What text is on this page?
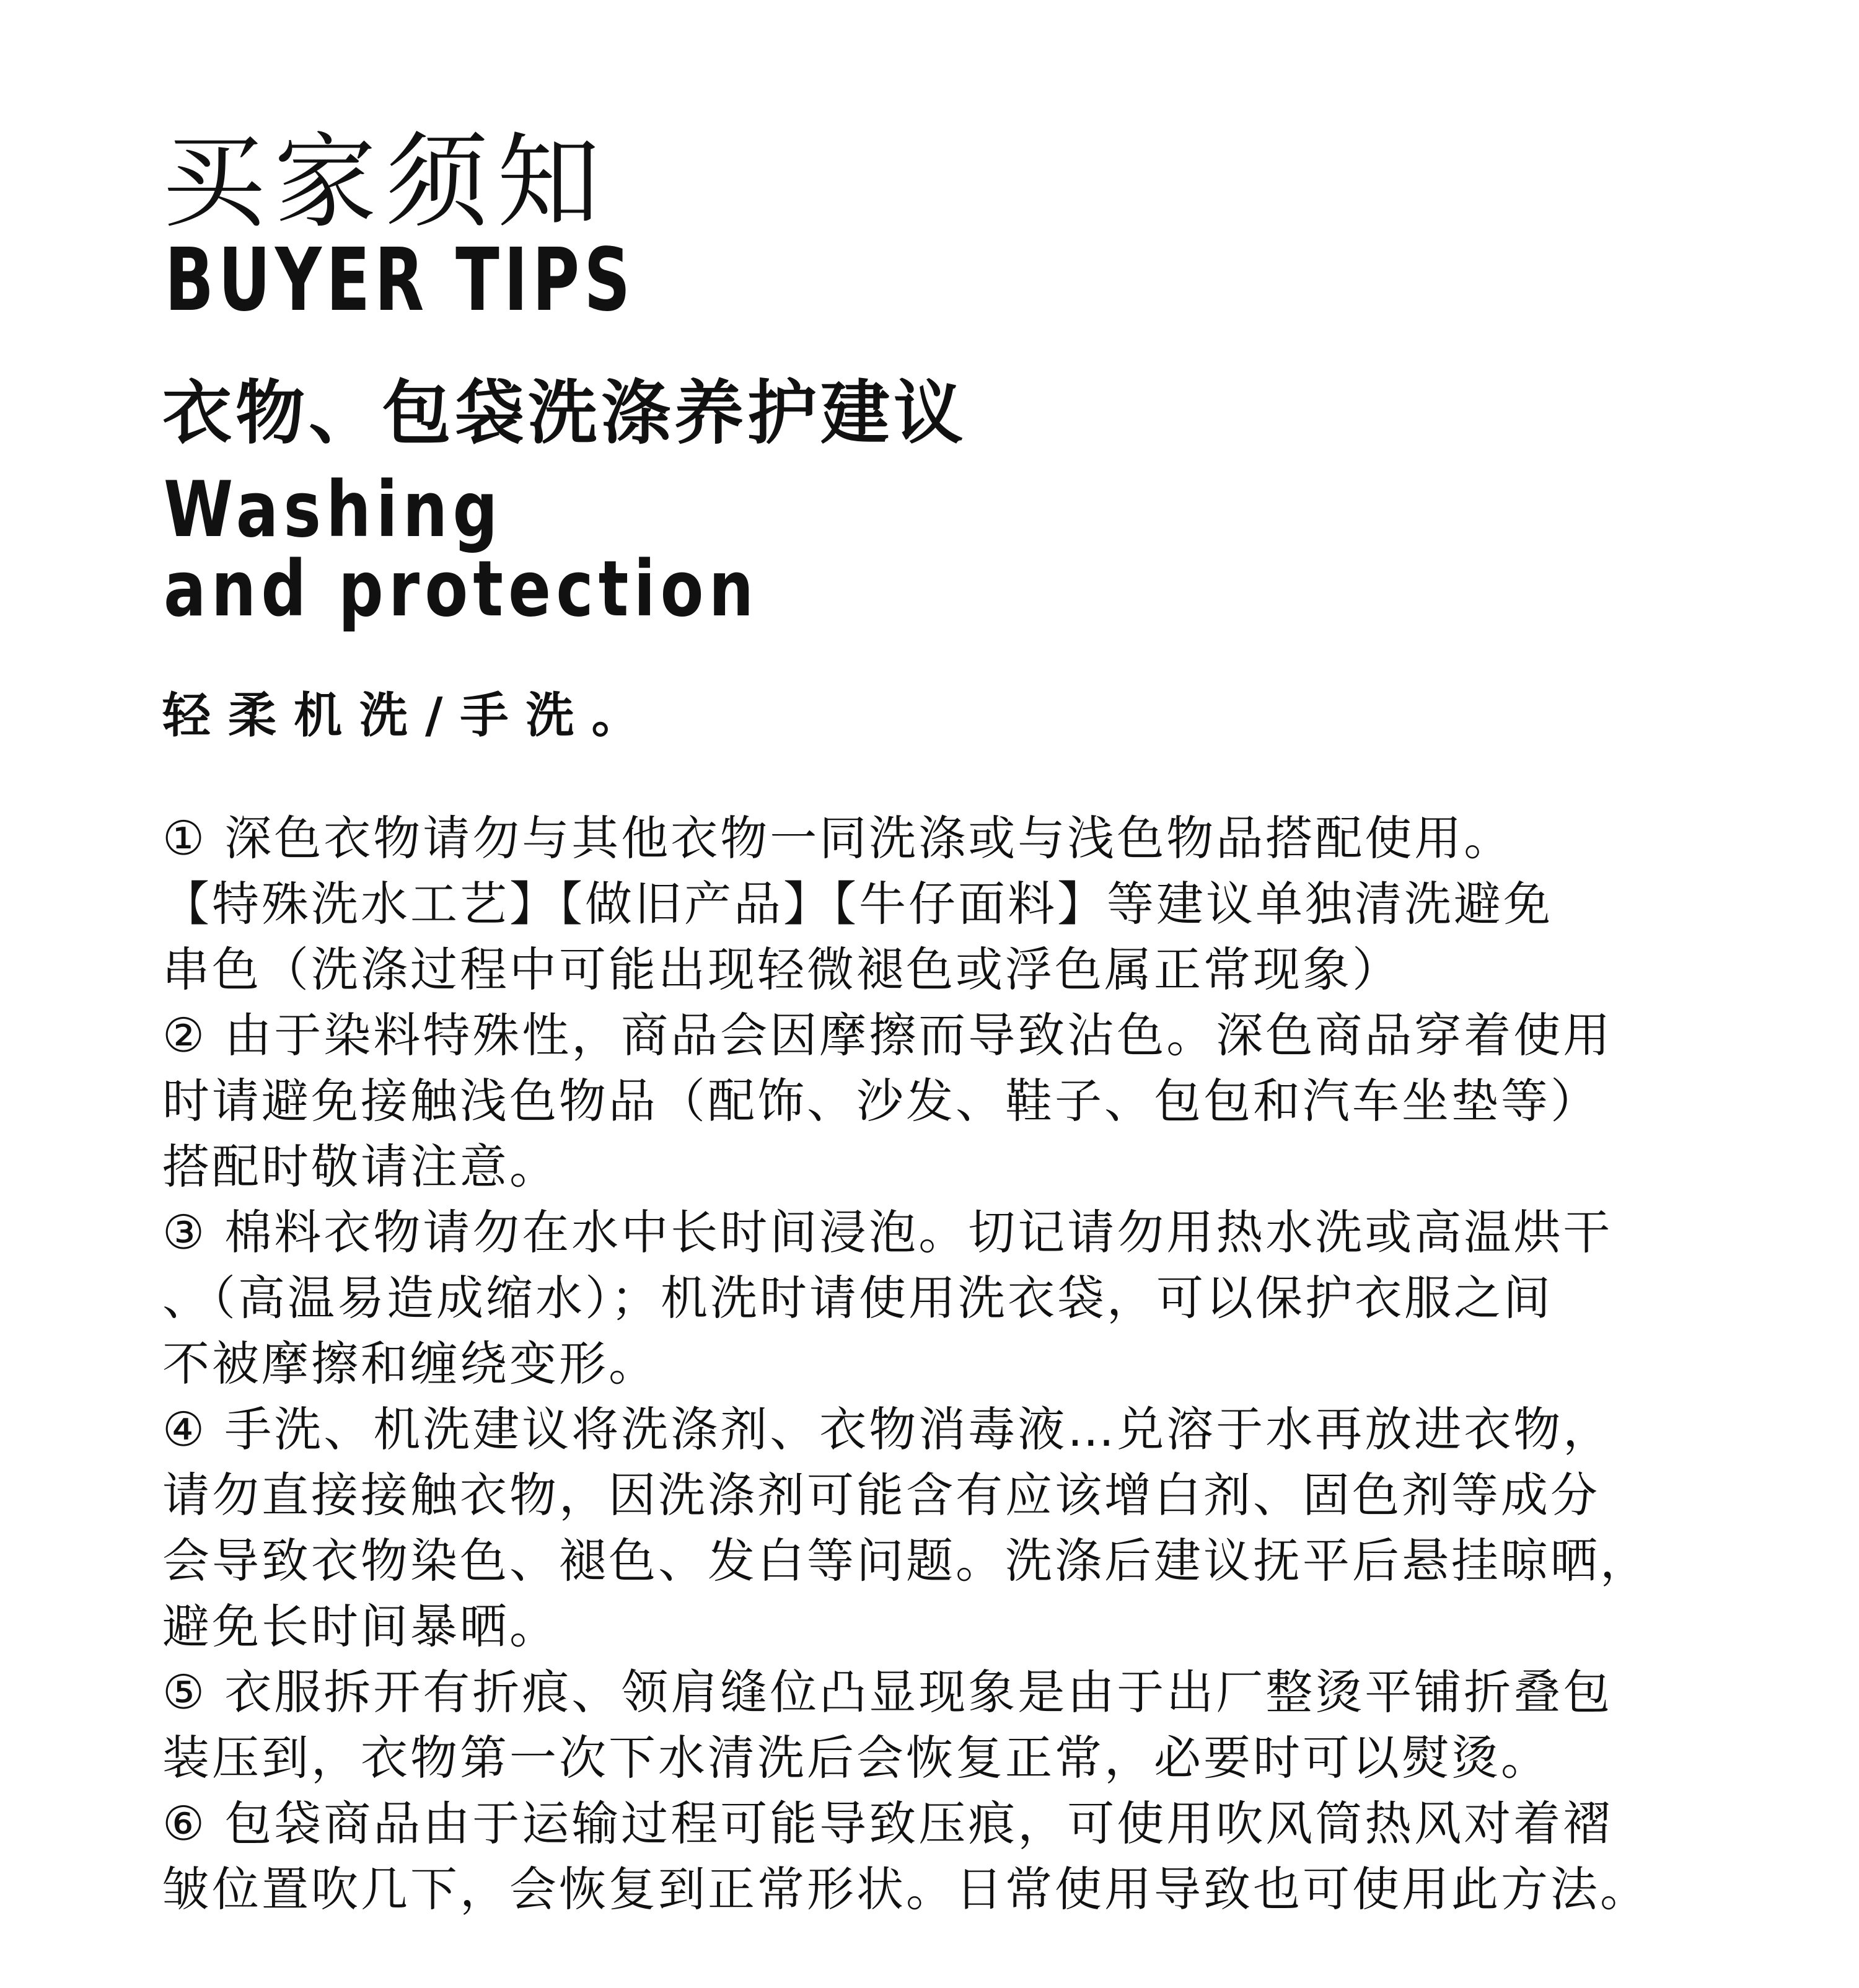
买家须知
BUYER TIPS
衣物、包袋洗涤养护建议
Washing
and protection
轻柔机洗/手洗。
① 深色衣物请勿与其他衣物一同洗涤或与浅色物品搭配使用。
【特殊洗水工艺】【做旧产品】【牛仔面料】等建议单独清洗避免
串色（洗涤过程中可能出现轻微褪色或浮色属正常现象）
② 由于染料特殊性，商品会因摩擦而导致沾色。深色商品穿着使用
时请避免接触浅色物品（配饰、沙发、鞋子、包包和汽车坐垫等）
搭配时敬请注意。
③ 棉料衣物请勿在水中长时间浸泡。切记请勿用热水洗或高温烘干
、（高温易造成缩水）；机洗时请使用洗衣袋，可以保护衣服之间
不被摩擦和缠绕变形。
④ 手洗、机洗建议将洗涤剂、衣物消毒液…兑溶于水再放进衣物，
请勿直接接触衣物，因洗涤剂可能含有应该增白剂、固色剂等成分
会导致衣物染色、褪色、发白等问题。洗涤后建议抚平后悬挂晾晒，
避免长时间暴晒。
⑤ 衣服拆开有折痕、领肩缝位凸显现象是由于出厂整烫平铺折叠包
装压到，衣物第一次下水清洗后会恢复正常，必要时可以熨烫。
⑥ 包袋商品由于运输过程可能导致压痕，可使用吹风筒热风对着褶
皱位置吹几下，会恢复到正常形状。日常使用导致也可使用此方法。
